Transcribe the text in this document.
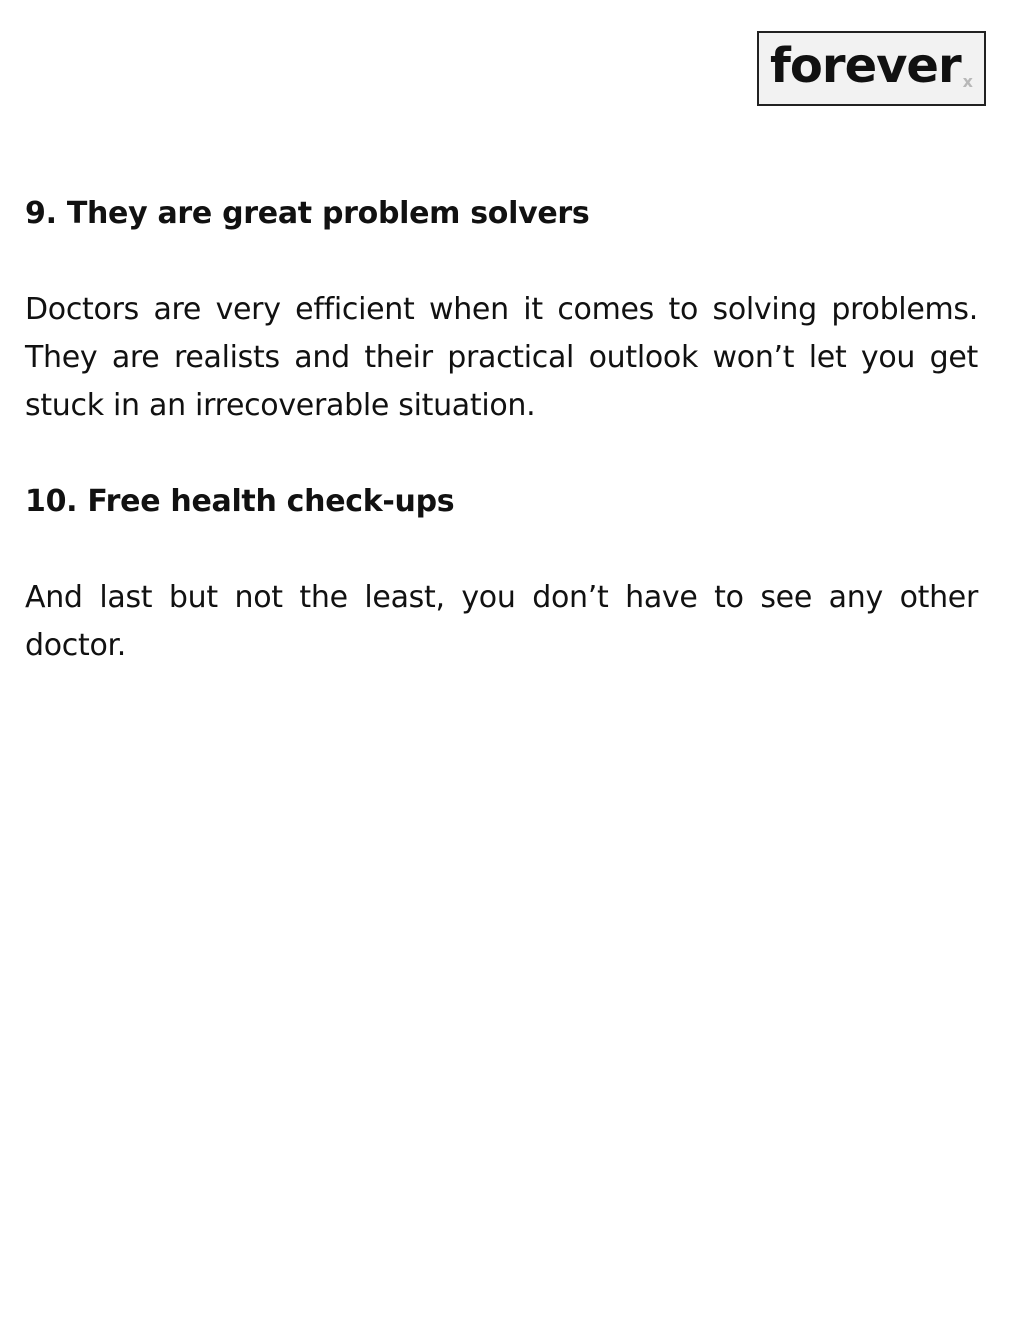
forever x
9. They are great problem solvers

Doctors are very efficient when it comes to solving problems. They are realists and their practical outlook won’t let you get stuck in an irrecoverable situation.

10. Free health check-ups

And last but not the least, you don’t have to see any other doctor.
